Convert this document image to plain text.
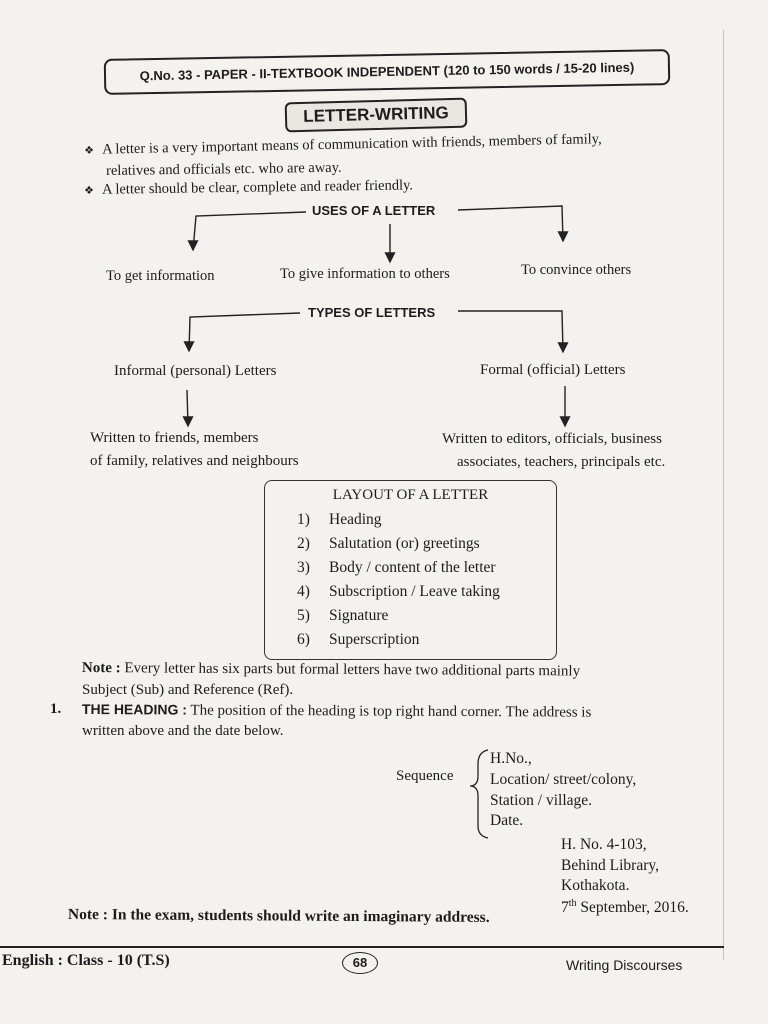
Q.No. 33 - PAPER - II-TEXTBOOK INDEPENDENT (120 to 150 words / 15-20 lines)
LETTER-WRITING
❖ A letter is a very important means of communication with friends, members of family,
relatives and officials etc. who are away.
❖ A letter should be clear, complete and reader friendly.
USES OF A LETTER
To get information	To give information to others	To convince others
TYPES OF LETTERS
Informal (personal) Letters	Formal (official) Letters
Written to friends, members
of family, relatives and neighbours
Written to editors, officials, business
associates, teachers, principals etc.
LAYOUT OF A LETTER
1) Heading
2) Salutation (or) greetings
3) Body / content of the letter
4) Subscription / Leave taking
5) Signature
6) Superscription
Note : Every letter has six parts but formal letters have two additional parts mainly
Subject (Sub) and Reference (Ref).
1. THE HEADING : The position of the heading is top right hand corner. The address is
written above and the date below.
Sequence
H.No.,
Location/ street/colony,
Station / village.
Date.
H. No. 4-103,
Behind Library,
Kothakota.
7th September, 2016.
Note : In the exam, students should write an imaginary address.
English : Class - 10 (T.S)	68	Writing Discourses
